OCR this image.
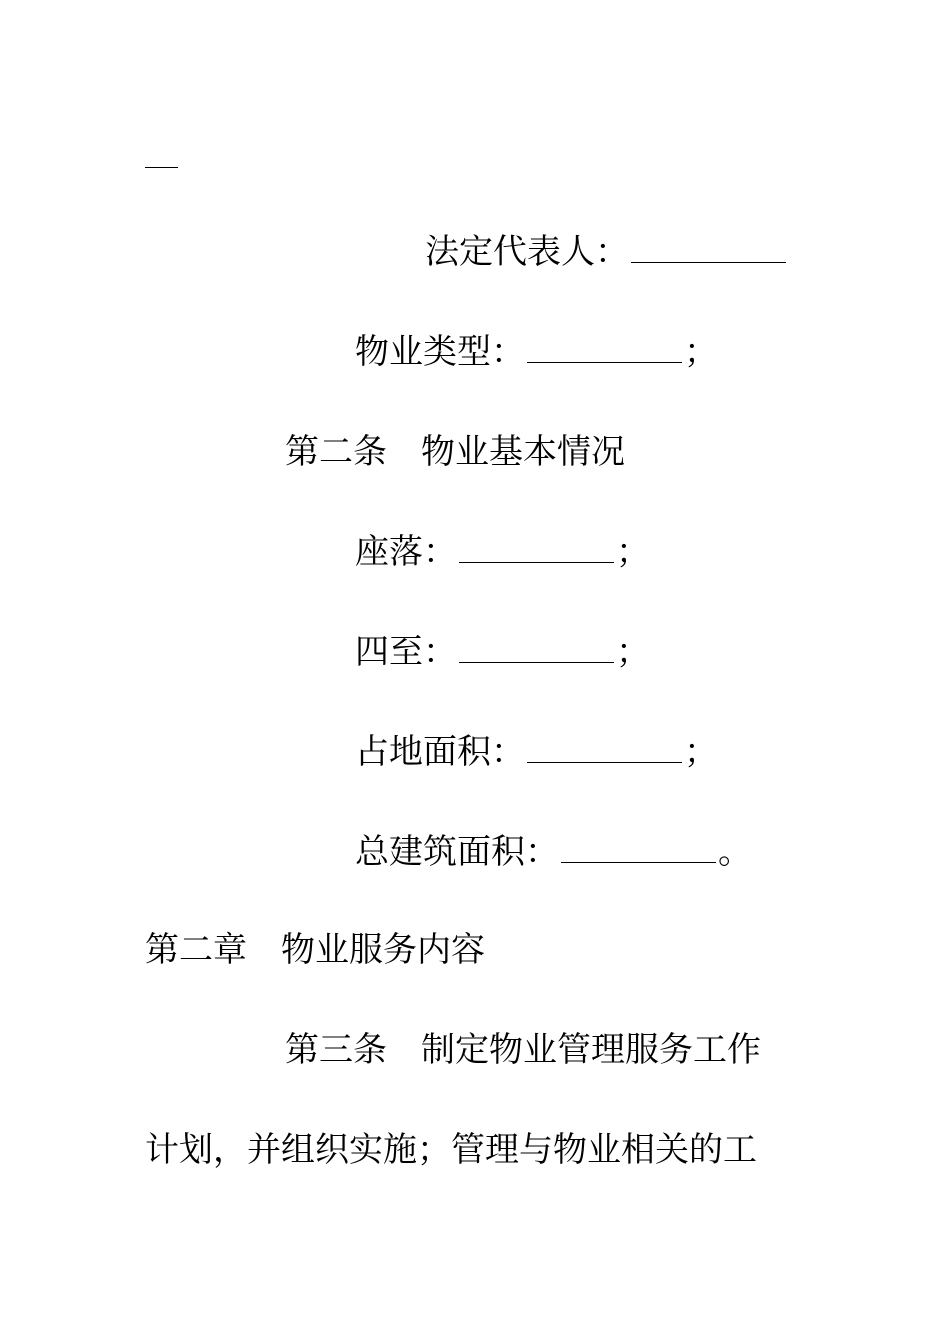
法定代表人：
物业类型：	；
第二条 物业基本情况
座落：	；
四至：	；
占地面积：	；
总建筑面积：	。
第二章 物业服务内容
第三条 制定物业管理服务工作
计划，并组织实施；管理与物业相关的工
